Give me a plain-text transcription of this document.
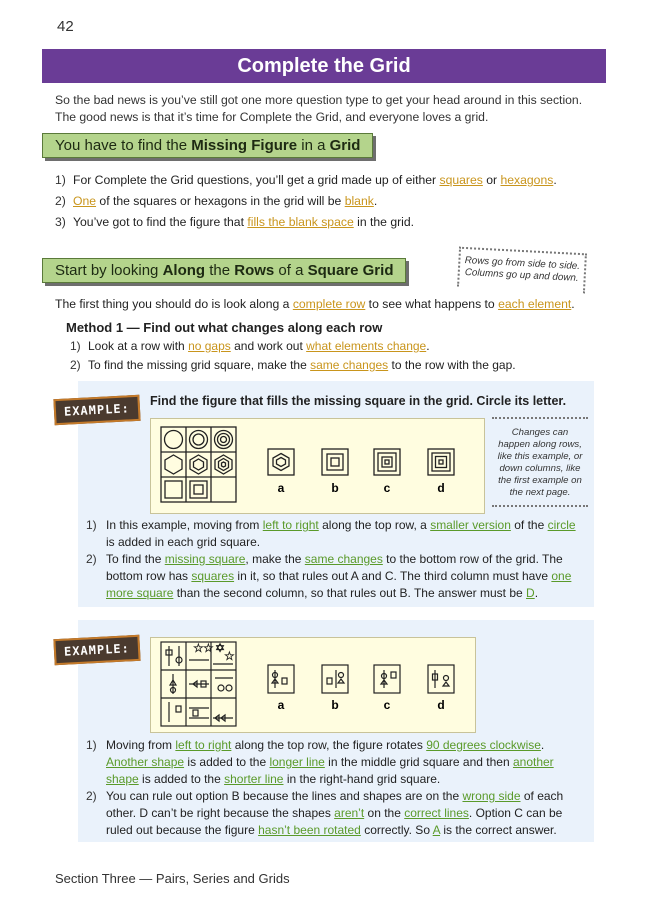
42
Complete the Grid
So the bad news is you’ve still got one more question type to get your head around in this section.
The good news is that it’s time for Complete the Grid, and everyone loves a grid.
You have to find the Missing Figure in a Grid
1) For Complete the Grid questions, you’ll get a grid made up of either squares or hexagons.
2) One of the squares or hexagons in the grid will be blank.
3) You’ve got to find the figure that fills the blank space in the grid.
Start by looking Along the Rows of a Square Grid	Rows go from side to side.
Columns go up and down.
The first thing you should do is look along a complete row to see what happens to each element.
Method 1 — Find out what changes along each row
1) Look at a row with no gaps and work out what elements change.
2) To find the missing grid square, make the same changes to the row with the gap.
EXAMPLE:
Find the figure that fills the missing square in the grid. Circle its letter.
a	b	c	d
Changes can
happen along rows,
like this example, or
down columns, like
the first example on
the next page.
1) In this example, moving from left to right along the top row, a smaller version of the circle is added in each grid square.
2) To find the missing square, make the same changes to the bottom row of the grid. The bottom row has squares in it, so that rules out A and C. The third column must have one more square than the second column, so that rules out B. The answer must be D.
EXAMPLE:	☆ ☆ ✡
☆
a	b	c	d
1) Moving from left to right along the top row, the figure rotates 90 degrees clockwise. Another shape is added to the longer line in the middle grid square and then another shape is added to the shorter line in the right-hand grid square.
2) You can rule out option B because the lines and shapes are on the wrong side of each other. D can’t be right because the shapes aren’t on the correct lines. Option C can be ruled out because the figure hasn’t been rotated correctly. So A is the correct answer.
Section Three — Pairs, Series and Grids
